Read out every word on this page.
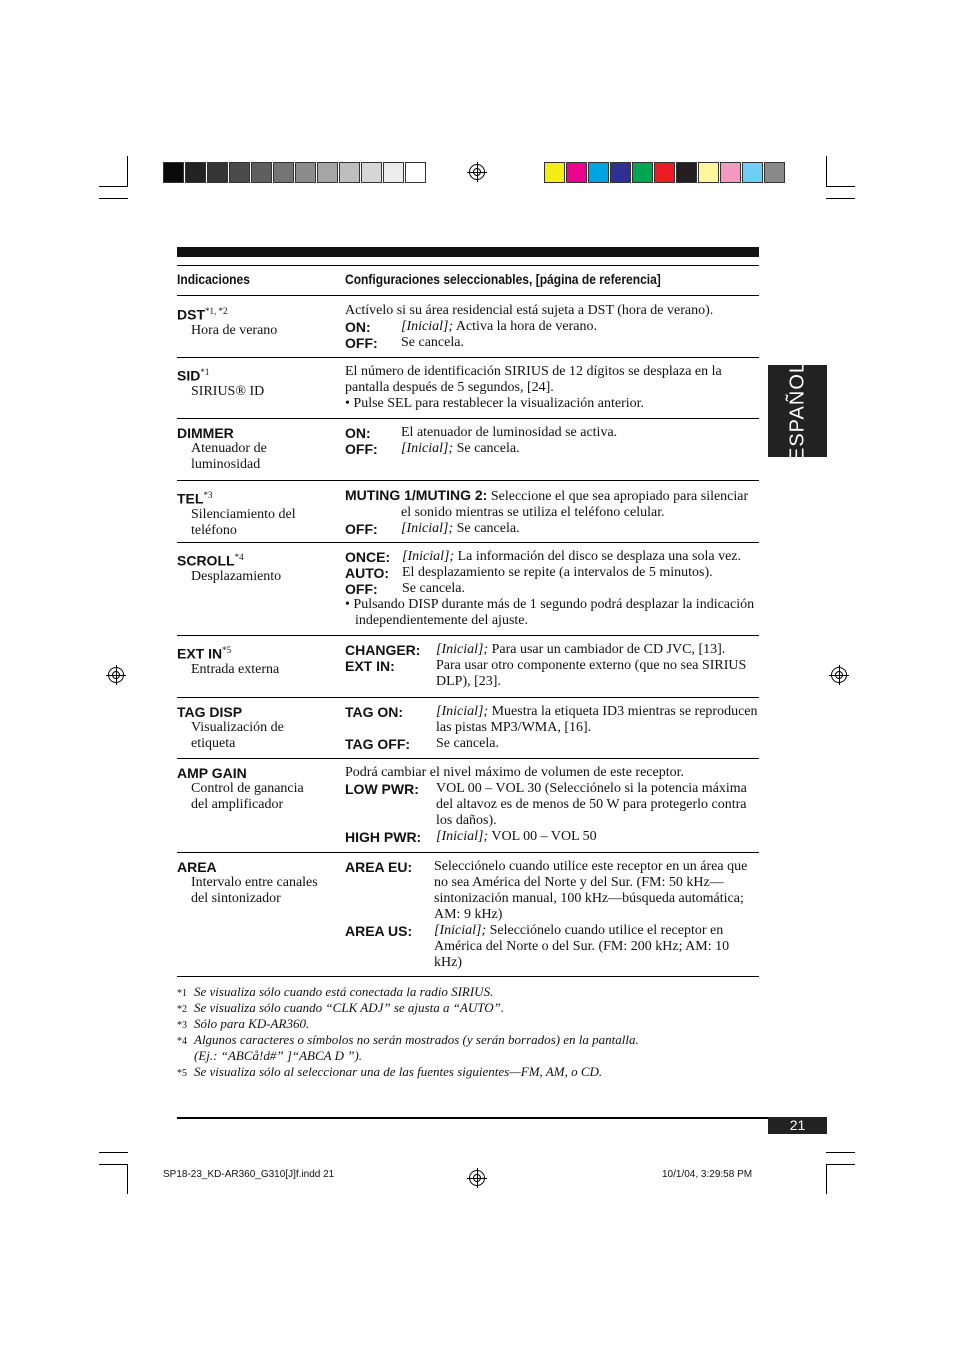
Indicaciones	Configuraciones seleccionables, [página de referencia]
$DST^{*1, *2}$
Hora de verano
Actívelo si su área residencial está sujeta a DST (hora de verano).
ON:	[Inicial]; Activa la hora de verano.
OFF:	Se cancela.
SID$^{*1}$
SIRIUS® ID
El número de identificación SIRIUS de 12 dígitos se desplaza en la pantalla después de 5 segundos, [24].
• Pulse SEL para restablecer la visualización anterior.
DIMMER
Atenuador de
luminosidad
ON:	El atenuador de luminosidad se activa.
OFF:	[Inicial]; Se cancela.
TEL$^{*3}$
Silenciamiento del
teléfono
MUTING 1/MUTING 2: Seleccione el que sea apropiado para silenciar el sonido mientras se utiliza el teléfono celular.
OFF:	[Inicial]; Se cancela.
SCROLL$^{*4}$
Desplazamiento
ONCE: [Inicial]; La información del disco se desplaza una sola vez.
AUTO: El desplazamiento se repite (a intervalos de 5 minutos).
OFF:	Se cancela.
• Pulsando DISP durante más de 1 segundo podrá desplazar la indicación independientemente del ajuste.
EXT IN$^{*5}$
Entrada externa
CHANGER:	[Inicial]; Para usar un cambiador de CD JVC, [13].
EXT IN:	Para usar otro componente externo (que no sea SIRIUS DLP), [23].
TAG DISP
Visualización de
etiqueta
TAG ON:	[Inicial]; Muestra la etiqueta ID3 mientras se reproducen las pistas MP3/WMA, [16].
TAG OFF:	Se cancela.
AMP GAIN
Control de ganancia
del amplificador
Podrá cambiar el nivel máximo de volumen de este receptor.
LOW PWR:	VOL 00 – VOL 30 (Selecciónelo si la potencia máxima del altavoz es de menos de 50 W para protegerlo contra los daños).
HIGH PWR:	[Inicial]; VOL 00 – VOL 50
AREA
Intervalo entre canales
del sintonizador
AREA EU:	Selecciónelo cuando utilice este receptor en un área que no sea América del Norte y del Sur. (FM: 50 kHz—sintonización manual, 100 kHz—búsqueda automática; AM: 9 kHz)
AREA US:	[Inicial]; Selecciónelo cuando utilice el receptor en América del Norte o del Sur. (FM: 200 kHz; AM: 10 kHz)
*1 Se visualiza sólo cuando está conectada la radio SIRIUS.
*2 Se visualiza sólo cuando “CLK ADJ” se ajusta a “AUTO”.
*3 Sólo para KD-AR360.
*4 Algunos caracteres o símbolos no serán mostrados (y serán borrados) en la pantalla.
(Ej.: “ABCå!d#” ]“ABCA D ”).
*5 Se visualiza sólo al seleccionar una de las fuentes siguientes—FM, AM, o CD.
ESPAÑOL
21
SP18-23_KD-AR360_G310[J]f.indd 21	10/1/04, 3:29:58 PM
